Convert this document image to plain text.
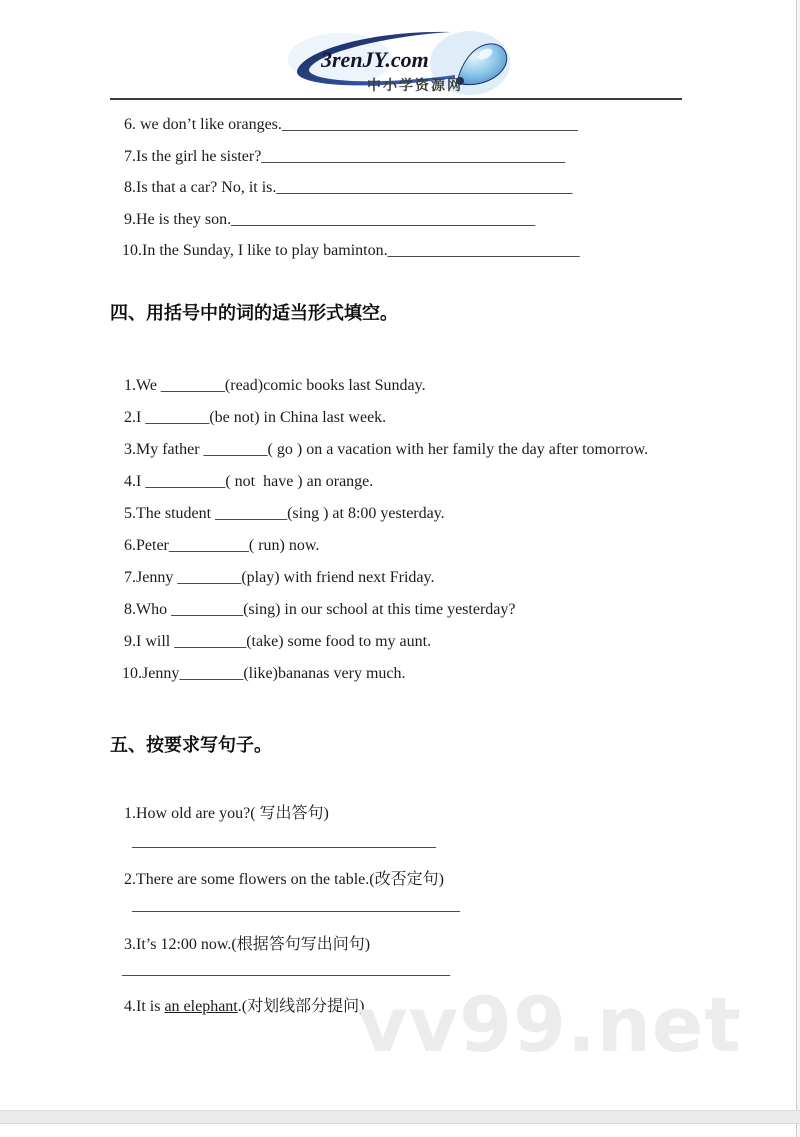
3renJY.com
中小学资源网
6. we don’t like oranges._____________________________________
7.Is the girl he sister?______________________________________
8.Is that a car? No, it is._____________________________________
9.He is they son.______________________________________
10.In the Sunday, I like to play baminton.________________________
四、用括号中的词的适当形式填空。
1.We ________(read)comic books last Sunday.
2.I ________(be not) in China last week.
3.My father ________( go ) on a vacation with her family the day after tomorrow.
4.I __________( not  have ) an orange.
5.The student _________(sing ) at 8:00 yesterday.
6.Peter__________( run) now.
7.Jenny ________(play) with friend next Friday.
8.Who _________(sing) in our school at this time yesterday?
9.I will _________(take) some food to my aunt.
10.Jenny________(like)bananas very much.
五、按要求写句子。
1.How old are you?( 写出答句)
______________________________________
2.There are some flowers on the table.(改否定句)
_________________________________________
3.It’s 12:00 now.(根据答句写出问句)
_________________________________________
4.It is an elephant.(对划线部分提问)
vv99.net
